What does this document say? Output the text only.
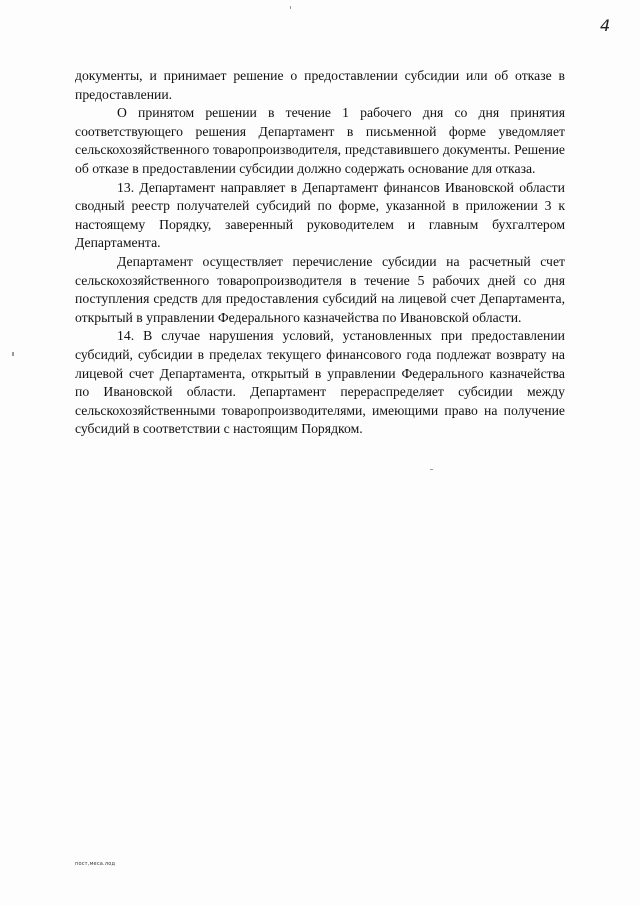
4

документы, и принимает решение о предоставлении субсидии или об отказе в предоставлении.

О принятом решении в течение 1 рабочего дня со дня принятия соответствующего решения Департамент в письменной форме уведомляет сельскохозяйственного товаропроизводителя, представившего документы. Решение об отказе в предоставлении субсидии должно содержать основание для отказа.

13. Департамент направляет в Департамент финансов Ивановской области сводный реестр получателей субсидий по форме, указанной в приложении 3 к настоящему Порядку, заверенный руководителем и главным бухгалтером Департамента.

Департамент осуществляет перечисление субсидии на расчетный счет сельскохозяйственного товаропроизводителя в течение 5 рабочих дней со дня поступления средств для предоставления субсидий на лицевой счет Департамента, открытый в управлении Федерального казначейства по Ивановской области.

14. В случае нарушения условий, установленных при предоставлении субсидий, субсидии в пределах текущего финансового года подлежат возврату на лицевой счет Департамента, открытый в управлении Федерального казначейства по Ивановской области. Департамент перераспределяет субсидии между сельскохозяйственными товаропроизводителями, имеющими право на получение субсидий в соответствии с настоящим Порядком.

пост,меса.лод
